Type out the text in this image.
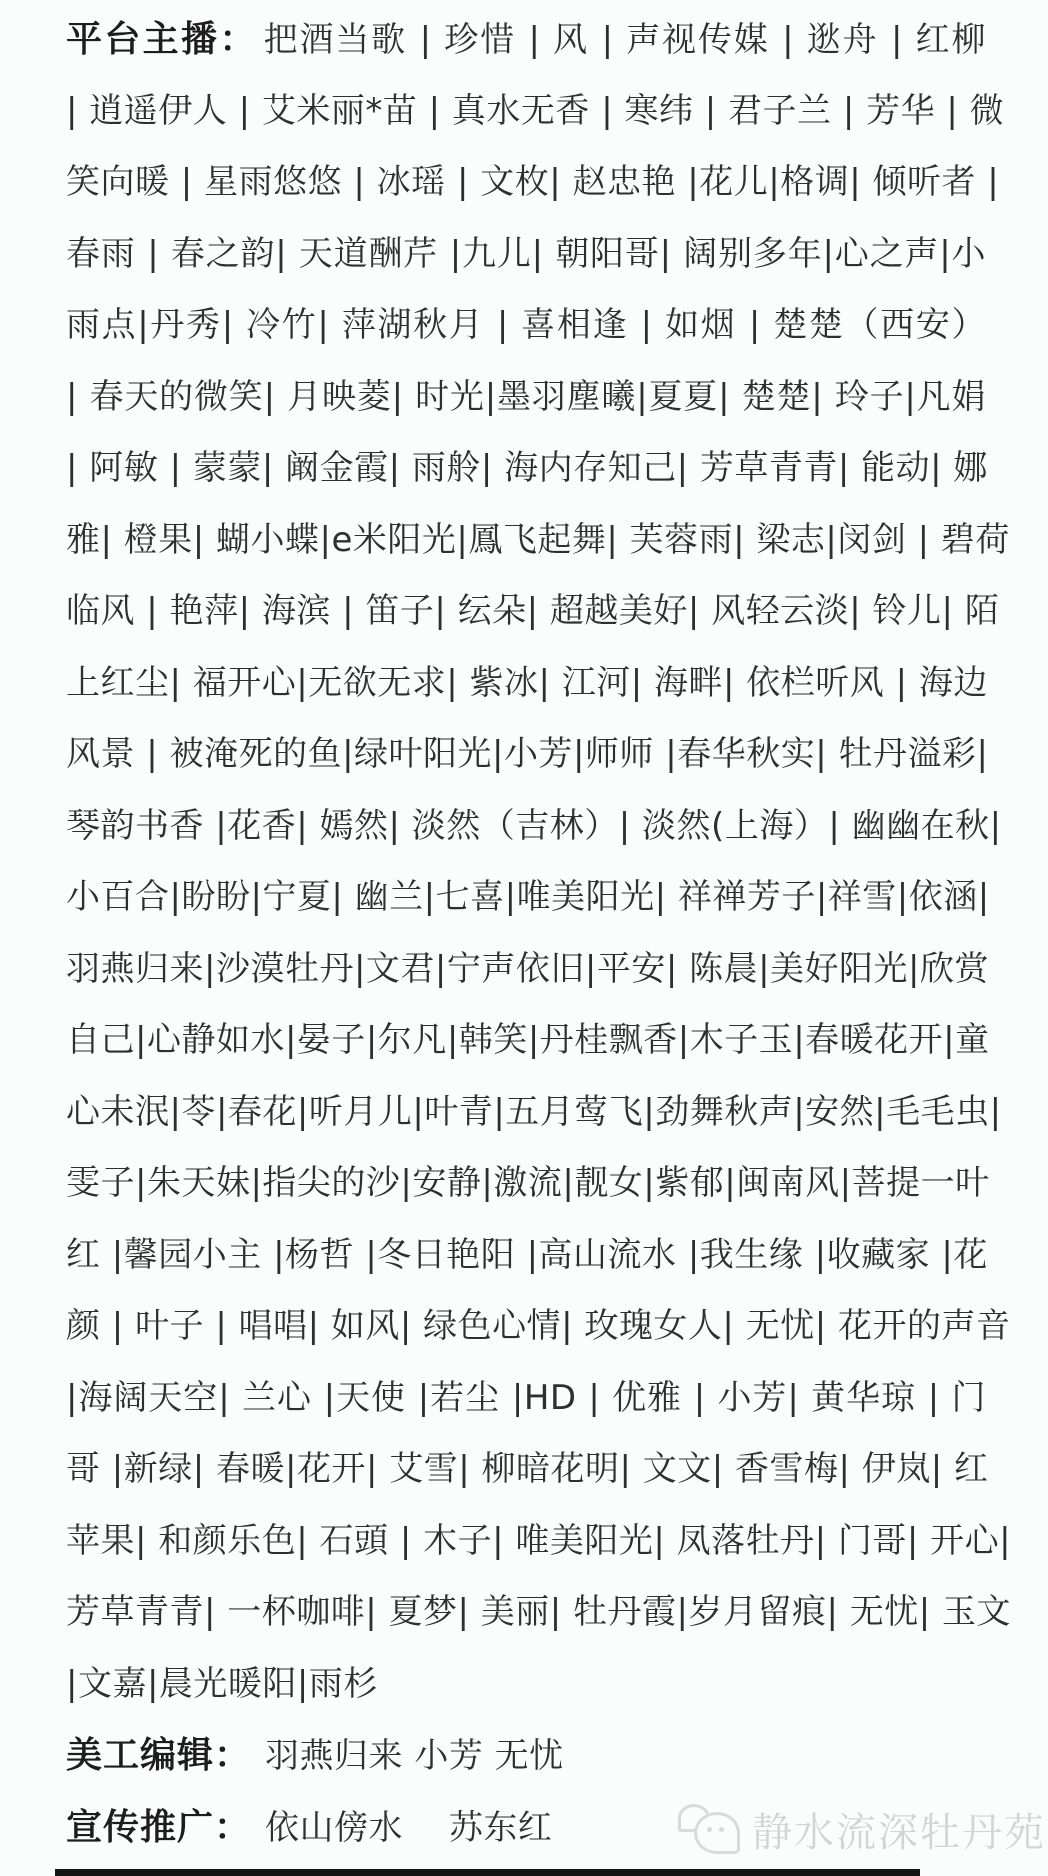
平台主播： 把酒当歌 | 珍惜 | 风 | 声视传媒 | 逖舟 | 红柳
| 逍遥伊人 | 艾米丽*苗 | 真水无香 | 寒纬 | 君子兰 | 芳华 | 微
笑向暖 | 星雨悠悠 | 冰瑶 | 文枚| 赵忠艳 |花儿|格调| 倾听者 |
春雨 | 春之韵| 天道酬芹 |九儿| 朝阳哥| 阔别多年|心之声|小
雨点|丹秀| 冷竹| 萍湖秋月 | 喜相逢 | 如烟 | 楚楚（西安）
| 春天的微笑| 月映菱| 时光|墨羽塵曦|夏夏| 楚楚| 玲子|凡娟
| 阿敏 | 蒙蒙| 阚金霞| 雨舲| 海内存知己| 芳草青青| 能动| 娜
雅| 橙果| 蝴小蝶|e米阳光|鳳飞起舞| 芙蓉雨| 梁志|闵剑 | 碧荷
临风 | 艳萍| 海滨 | 笛子| 纭朵| 超越美好| 风轻云淡| 铃儿| 陌
上红尘| 福开心|无欲无求| 紫冰| 江河| 海畔| 依栏听风 | 海边
风景 | 被淹死的鱼|绿叶阳光|小芳|师师 |春华秋实| 牡丹溢彩|
琴韵书香 |花香| 嫣然| 淡然（吉林）| 淡然(上海）| 幽幽在秋|
小百合|盼盼|宁夏| 幽兰|七喜|唯美阳光| 祥禅芳子|祥雪|依涵|
羽燕归来|沙漠牡丹|文君|宁声依旧|平安| 陈晨|美好阳光|欣赏
自己|心静如水|晏子|尔凡|韩笑|丹桂飘香|木子玉|春暖花开|童
心未泯|苓|春花|听月儿|叶青|五月莺飞|劲舞秋声|安然|毛毛虫|
雯子|朱天妹|指尖的沙|安静|激流|靓女|紫郁|闽南风|菩提一叶
红 |馨园小主 |杨哲 |冬日艳阳 |高山流水 |我生缘 |收藏家 |花
颜 | 叶子 | 唱唱| 如风| 绿色心情| 玫瑰女人| 无忧| 花开的声音
|海阔天空| 兰心 |天使 |若尘 |HD | 优雅 | 小芳| 黄华琼 | 门
哥 |新绿| 春暖|花开| 艾雪| 柳暗花明| 文文| 香雪梅| 伊岚| 红
苹果| 和颜乐色| 石頭 | 木子| 唯美阳光| 凤落牡丹| 门哥| 开心|
芳草青青| 一杯咖啡| 夏梦| 美丽| 牡丹霞|岁月留痕| 无忧| 玉文
|文嘉|晨光暖阳|雨杉
美工编辑： 羽燕归来 小芳 无忧
宣传推广： 依山傍水　 苏东红	静水流深牡丹苑
